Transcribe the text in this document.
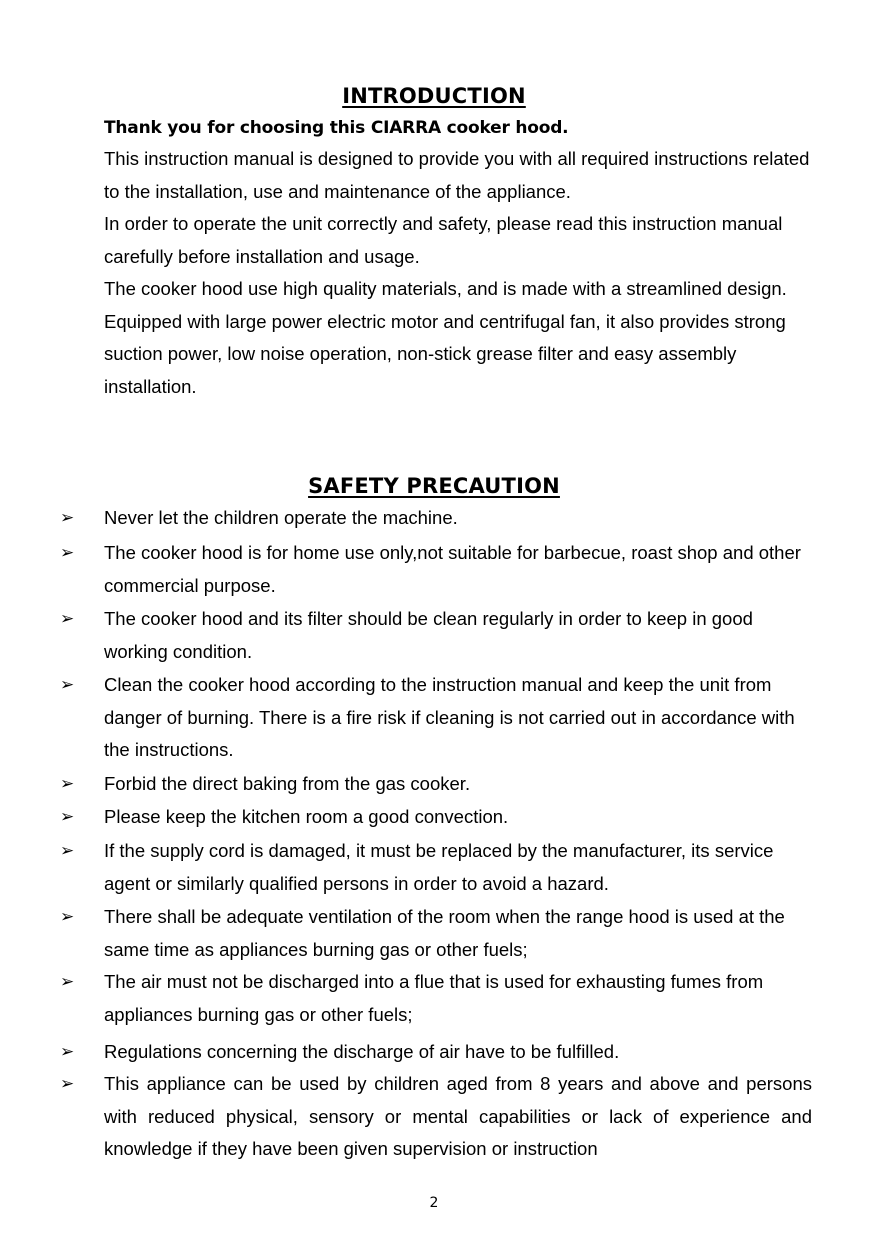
INTRODUCTION

Thank you for choosing this CIARRA cooker hood.

This instruction manual is designed to provide you with all required instructions related to the installation, use and maintenance of the appliance.

In order to operate the unit correctly and safety, please read this instruction manual carefully before installation and usage.

The cooker hood use high quality materials, and is made with a streamlined design. Equipped with large power electric motor and centrifugal fan, it also provides strong suction power, low noise operation, non-stick grease filter and easy assembly installation.

SAFETY PRECAUTION
➢ Never let the children operate the machine.
➢ The cooker hood is for home use only,not suitable for barbecue, roast shop and other commercial purpose.
➢ The cooker hood and its filter should be clean regularly in order to keep in good working condition.
➢ Clean the cooker hood according to the instruction manual and keep the unit from danger of burning. There is a fire risk if cleaning is not carried out in accordance with the instructions.
➢ Forbid the direct baking from the gas cooker.
➢ Please keep the kitchen room a good convection.
➢ If the supply cord is damaged, it must be replaced by the manufacturer, its service agent or similarly qualified persons in order to avoid a hazard.
➢ There shall be adequate ventilation of the room when the range hood is used at the same time as appliances burning gas or other fuels;
➢ The air must not be discharged into a flue that is used for exhausting fumes from appliances burning gas or other fuels;
➢ Regulations concerning the discharge of air have to be fulfilled.
➢ This appliance can be used by children aged from 8 years and above and persons with reduced physical, sensory or mental capabilities or lack of experience and knowledge if they have been given supervision or instruction
2
